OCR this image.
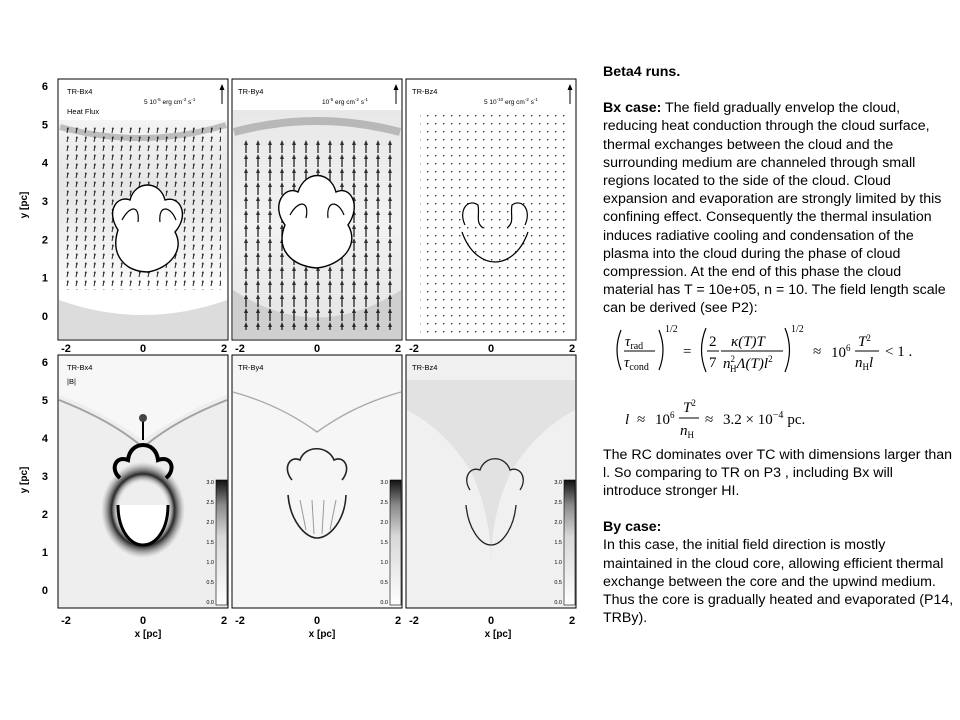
TR-Bx4
Heat Flux
TR-By4	TR-Bz4
TR-Bx4
|B|
TR-By4	TR-Bz4
5 $10^{-5}$ erg $cm^{-2}$ $s^{-1}$	$10^{-5}$ erg $cm^{-2}$ $s^{-1}$	5 $10^{-10}$ erg $cm^{-2}$ $s^{-1}$
y [pc]
y [pc]
x [pc]	x [pc]	x [pc]
0
1
2
3
4
5
6
0
1
2
3
4
5
6
-2	0	2 -2	0	2 -2	0	2
-2	0	2 -2	0	2 -2	0	2
0.0
0.5
1.0
1.5
2.0
2.5
3.0
0.0
0.5
1.0
1.5
2.0
2.5
3.0
0.0
0.5
1.0
1.5
2.0
2.5
3.0

Beta4 runs.

Bx case: The field gradually envelop the cloud, reducing heat conduction through the cloud surface, thermal exchanges between the cloud and the surrounding medium are channeled through small regions located to the side of the cloud. Cloud expansion and evaporation are strongly limited by this confining effect. Consequently the thermal insulation induces radiative cooling and condensation of the plasma into the cloud during the phase of cloud compression. At the end of this phase the cloud material has T = 10e+05, n = 10. The field length scale can be derived (see P2):

$\tau_{rad}$
$\tau_{cond}$
1/2
=
2
7
κ(T)T
$n^2$ $H\Lambda(T)l^2$
1/2
≈ $10^6$ $T^2$
$n_Hl$
< 1 .
$l \approx 10^6$ $T^2$
$n_H$
≈ $3.2 \times 10^{-4}$ pc.

The RC dominates over TC with dimensions larger than l. So comparing to TR on P3 , including Bx will introduce stronger HI.

By case:

In this case, the initial field direction is mostly maintained in the cloud core, allowing efficient thermal exchange between the core and the upwind medium. Thus the core is gradually heated and evaporated (P14, TRBy).
